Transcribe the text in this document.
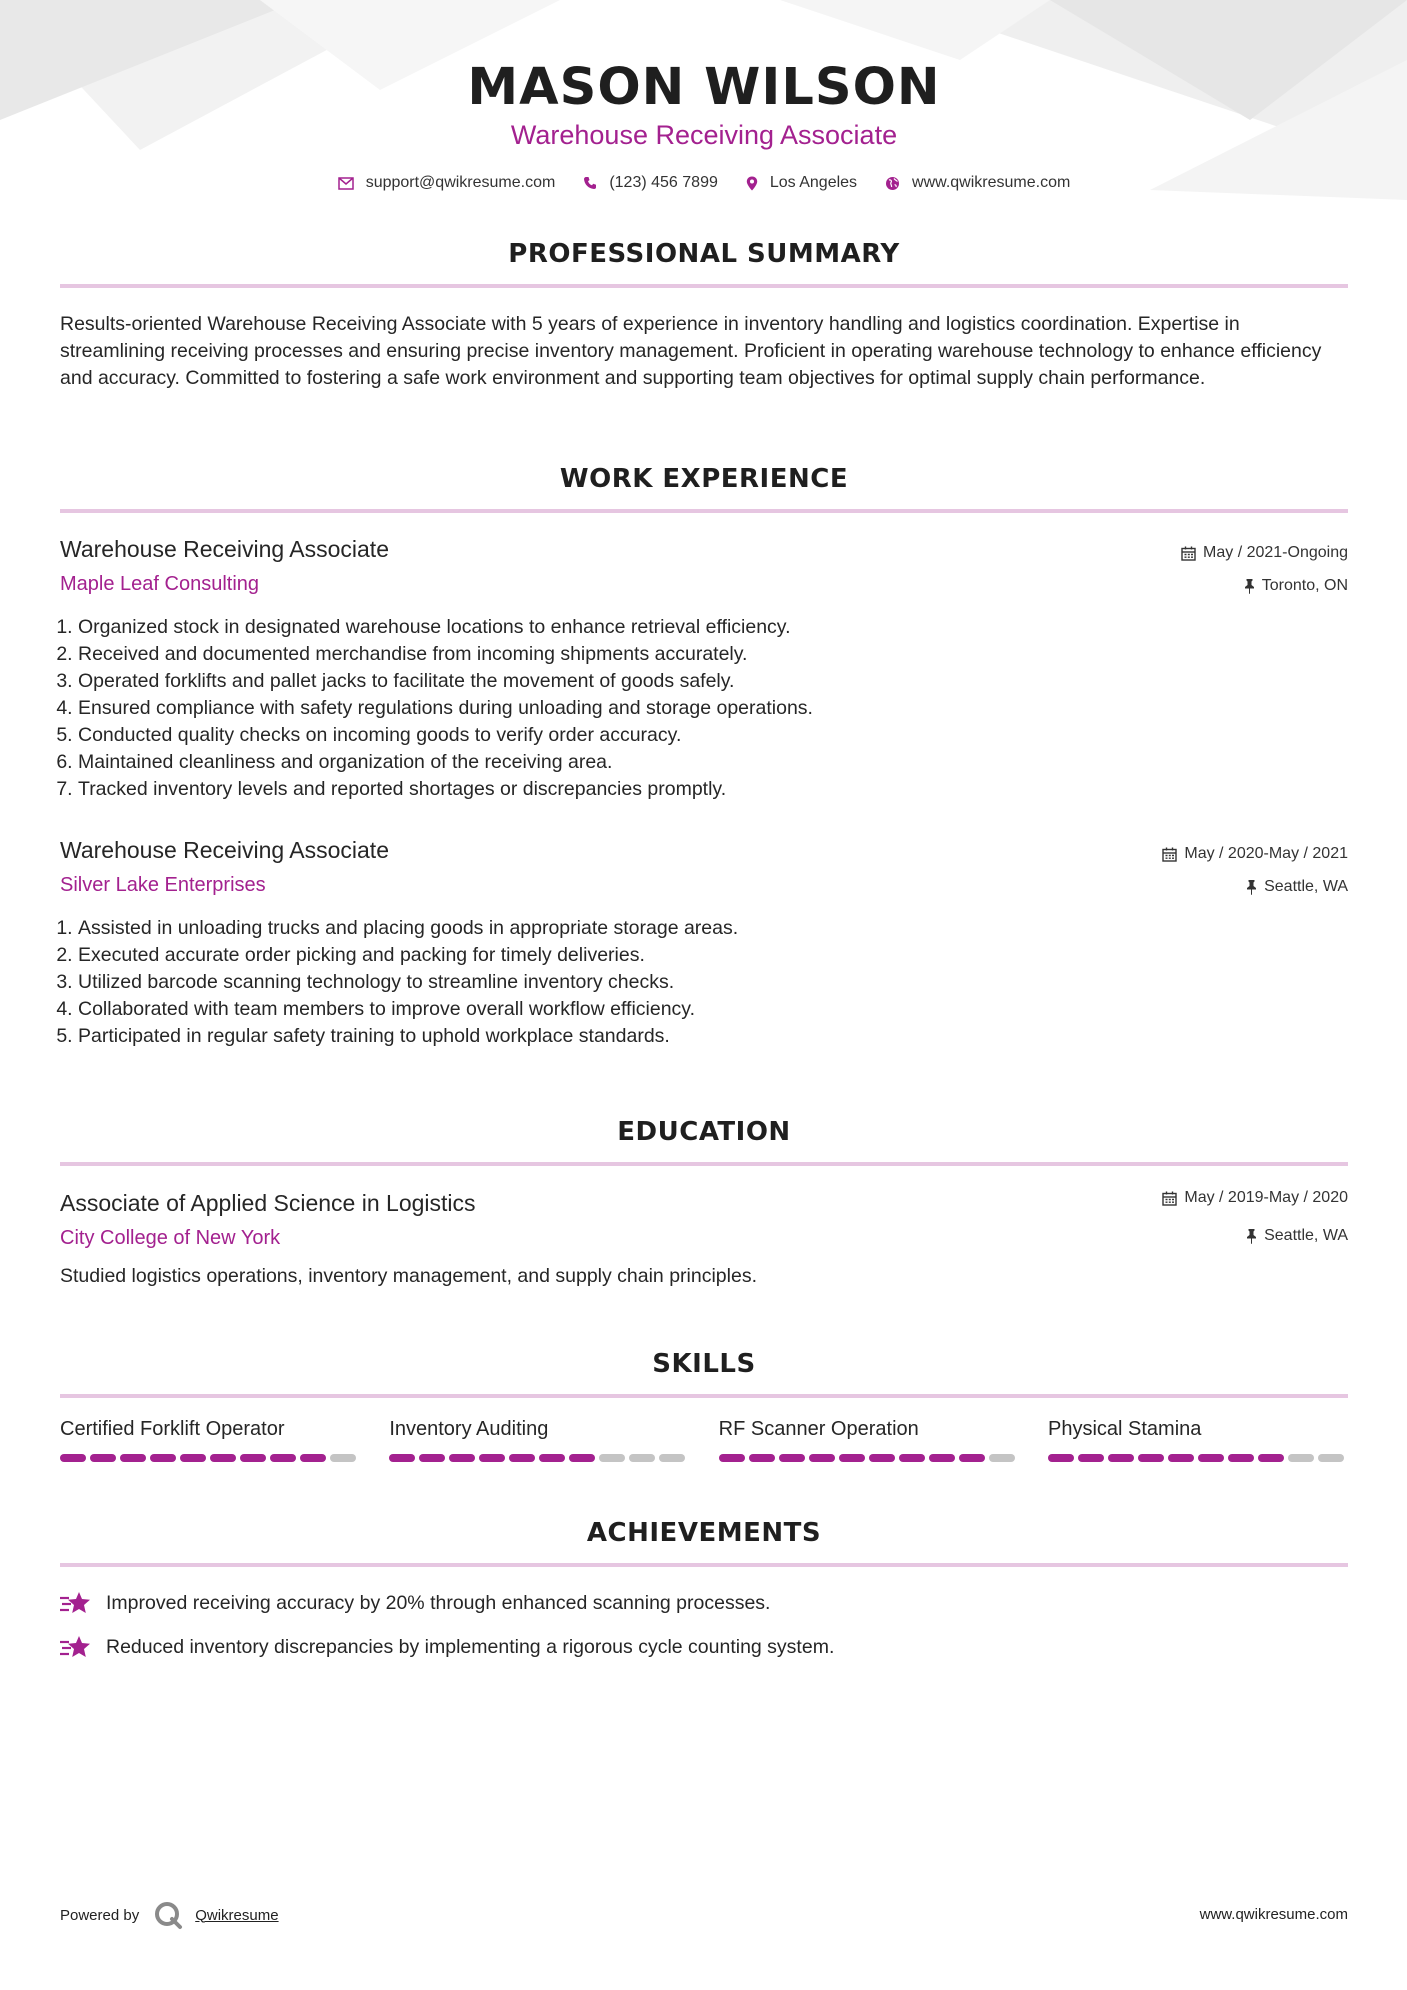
MASON WILSON
Warehouse Receiving Associate
support@qwikresume.com	(123) 456 7899	Los Angeles	www.qwikresume.com
PROFESSIONAL SUMMARY
Results-oriented Warehouse Receiving Associate with 5 years of experience in inventory handling and logistics coordination. Expertise in streamlining receiving processes and ensuring precise inventory management. Proficient in operating warehouse technology to enhance efficiency and accuracy. Committed to fostering a safe work environment and supporting team objectives for optimal supply chain performance.
WORK EXPERIENCE
Warehouse Receiving Associate
Maple Leaf Consulting
May / 2021-Ongoing
Toronto, ON
1. Organized stock in designated warehouse locations to enhance retrieval efficiency.
2. Received and documented merchandise from incoming shipments accurately.
3. Operated forklifts and pallet jacks to facilitate the movement of goods safely.
4. Ensured compliance with safety regulations during unloading and storage operations.
5. Conducted quality checks on incoming goods to verify order accuracy.
6. Maintained cleanliness and organization of the receiving area.
7. Tracked inventory levels and reported shortages or discrepancies promptly.
Warehouse Receiving Associate
Silver Lake Enterprises
May / 2020-May / 2021
Seattle, WA
1. Assisted in unloading trucks and placing goods in appropriate storage areas.
2. Executed accurate order picking and packing for timely deliveries.
3. Utilized barcode scanning technology to streamline inventory checks.
4. Collaborated with team members to improve overall workflow efficiency.
5. Participated in regular safety training to uphold workplace standards.
EDUCATION
Associate of Applied Science in Logistics
City College of New York
May / 2019-May / 2020
Seattle, WA
Studied logistics operations, inventory management, and supply chain principles.
SKILLS
Certified Forklift Operator	Inventory Auditing	RF Scanner Operation	Physical Stamina
ACHIEVEMENTS
Improved receiving accuracy by 20% through enhanced scanning processes.
Reduced inventory discrepancies by implementing a rigorous cycle counting system.
Powered by	Qwikresume	www.qwikresume.com
